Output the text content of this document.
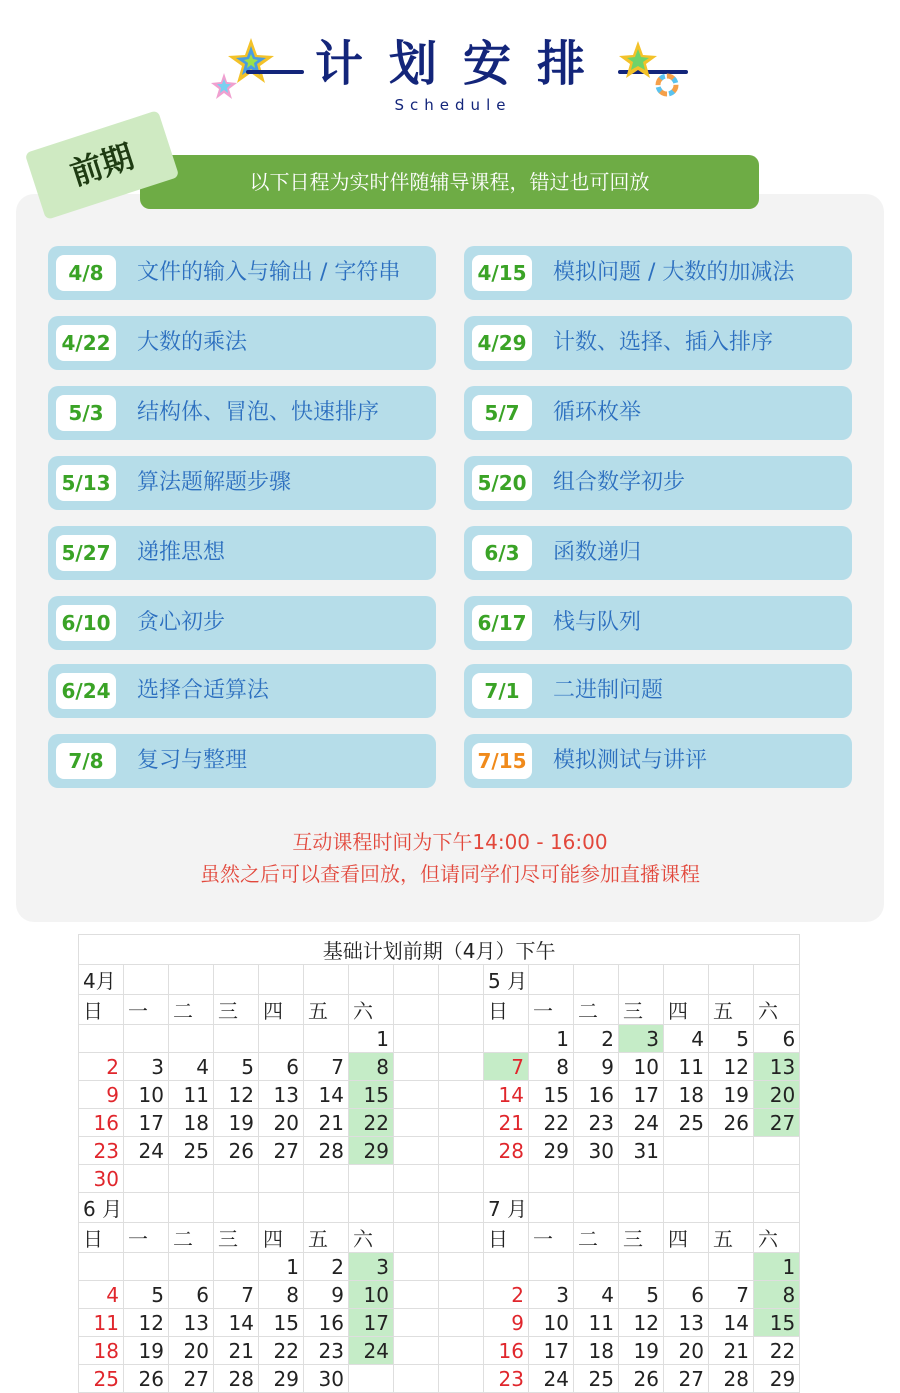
计划安排
Schedule
以下日程为实时伴随辅导课程，错过也可回放
前期
4/8	文件的输入与输出 / 字符串
4/22 大数的乘法
5/3	结构体、冒泡、快速排序
5/13 算法题解题步骤
5/27 递推思想
6/10 贪心初步
6/24 选择合适算法
7/8	复习与整理
4/15 模拟问题 / 大数的加减法
4/29 计数、选择、插入排序
5/7	循环枚举
5/20 组合数学初步
6/3	函数递归
6/17 栈与队列
7/1	二进制问题
7/15 模拟测试与讲评
互动课程时间为下午14:00 - 16:00
虽然之后可以查看回放，但请同学们尽可能参加直播课程
基础计划前期（4月）下午															
4月									5 月						
日	一	二	三	四	五	六			日	一	二	三	四	五	六
						1				1	2	3	4	5	6
2	3	4	5	6	7	8			7	8	9	10	11	12	13
9	10	11	12	13	14	15			14	15	16	17	18	19	20
16	17	18	19	20	21	22			21	22	23	24	25	26	27
23	24	25	26	27	28	29			28	29	30	31			
30															
6 月									7 月						
日	一	二	三	四	五	六			日	一	二	三	四	五	六
				1	2	3									1
4	5	6	7	8	9	10			2	3	4	5	6	7	8
11	12	13	14	15	16	17			9	10	11	12	13	14	15
18	19	20	21	22	23	24			16	17	18	19	20	21	22
25	26	27	28	29	30				23	24	25	26	27	28	29
